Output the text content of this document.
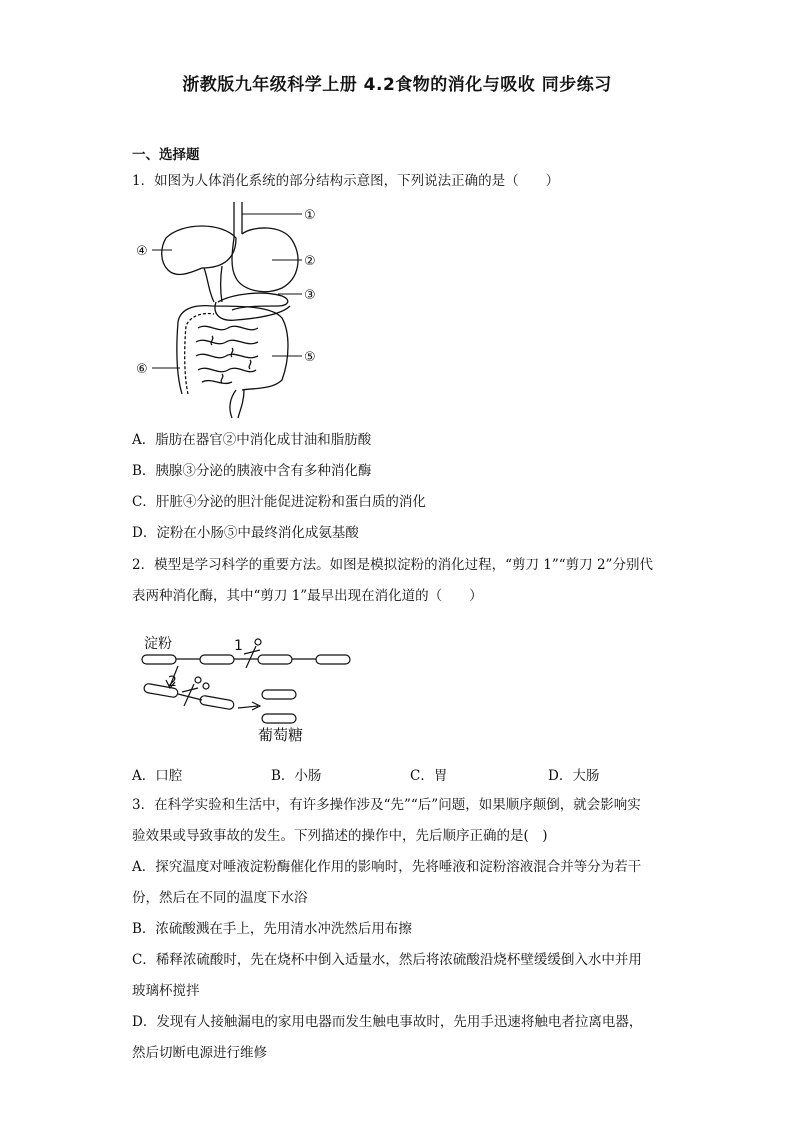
浙教版九年级科学上册 4.2食物的消化与吸收 同步练习
一、选择题
1．如图为人体消化系统的部分结构示意图，下列说法正确的是（　　）
①
②
③
④
⑤
⑥
A．脂肪在器官②中消化成甘油和脂肪酸
B．胰腺③分泌的胰液中含有多种消化酶
C．肝脏④分泌的胆汁能促进淀粉和蛋白质的消化
D．淀粉在小肠⑤中最终消化成氨基酸
2．模型是学习科学的重要方法。如图是模拟淀粉的消化过程，“剪刀 1”“剪刀 2”分别代
表两种消化酶，其中“剪刀 1”最早出现在消化道的（　　）
淀粉	1
2
葡萄糖
A．口腔	B．小肠	C．胃	D．大肠
3．在科学实验和生活中，有许多操作涉及“先”“后”问题，如果顺序颠倒，就会影响实
验效果或导致事故的发生。下列描述的操作中，先后顺序正确的是(　)
A．探究温度对唾液淀粉酶催化作用的影响时，先将唾液和淀粉溶液混合并等分为若干
份，然后在不同的温度下水浴
B．浓硫酸溅在手上，先用清水冲洗然后用布擦
C．稀释浓硫酸时，先在烧杯中倒入适量水，然后将浓硫酸沿烧杯壁缓缓倒入水中并用
玻璃杯搅拌
D．发现有人接触漏电的家用电器而发生触电事故时，先用手迅速将触电者拉离电器，
然后切断电源进行维修
